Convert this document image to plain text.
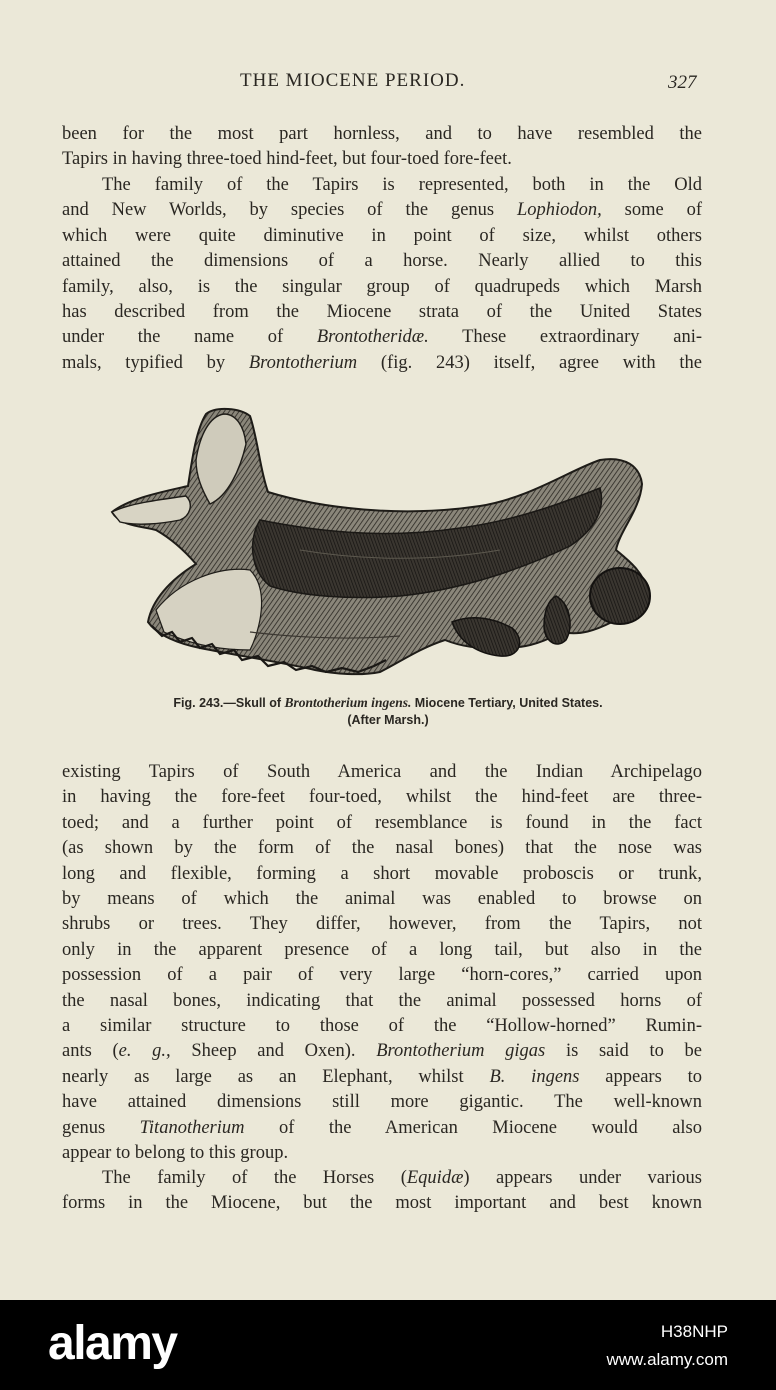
THE MIOCENE PERIOD.	327

been for the most part hornless, and to have resembled the
Tapirs in having three-toed hind-feet, but four-toed fore-feet.

The family of the Tapirs is represented, both in the Old
and New Worlds, by species of the genus Lophiodon, some of
which were quite diminutive in point of size, whilst others
attained the dimensions of a horse. Nearly allied to this
family, also, is the singular group of quadrupeds which Marsh
has described from the Miocene strata of the United States
under the name of Brontotheridæ. These extraordinary ani-
mals, typified by Brontotherium (fig. 243) itself, agree with the

Fig. 243.—Skull of Brontotherium ingens. Miocene Tertiary, United States.
(After Marsh.)

existing Tapirs of South America and the Indian Archipelago
in having the fore-feet four-toed, whilst the hind-feet are three-
toed; and a further point of resemblance is found in the fact
(as shown by the form of the nasal bones) that the nose was
long and flexible, forming a short movable proboscis or trunk,
by means of which the animal was enabled to browse on
shrubs or trees. They differ, however, from the Tapirs, not
only in the apparent presence of a long tail, but also in the
possession of a pair of very large “horn-cores,” carried upon
the nasal bones, indicating that the animal possessed horns of
a similar structure to those of the “Hollow-horned” Rumin-
ants (e. g., Sheep and Oxen). Brontotherium gigas is said to be
nearly as large as an Elephant, whilst B. ingens appears to
have attained dimensions still more gigantic. The well-known
genus Titanotherium of the American Miocene would also
appear to belong to this group.

The family of the Horses (Equidæ) appears under various
forms in the Miocene, but the most important and best known

alamy	H38NHP
www.alamy.com
